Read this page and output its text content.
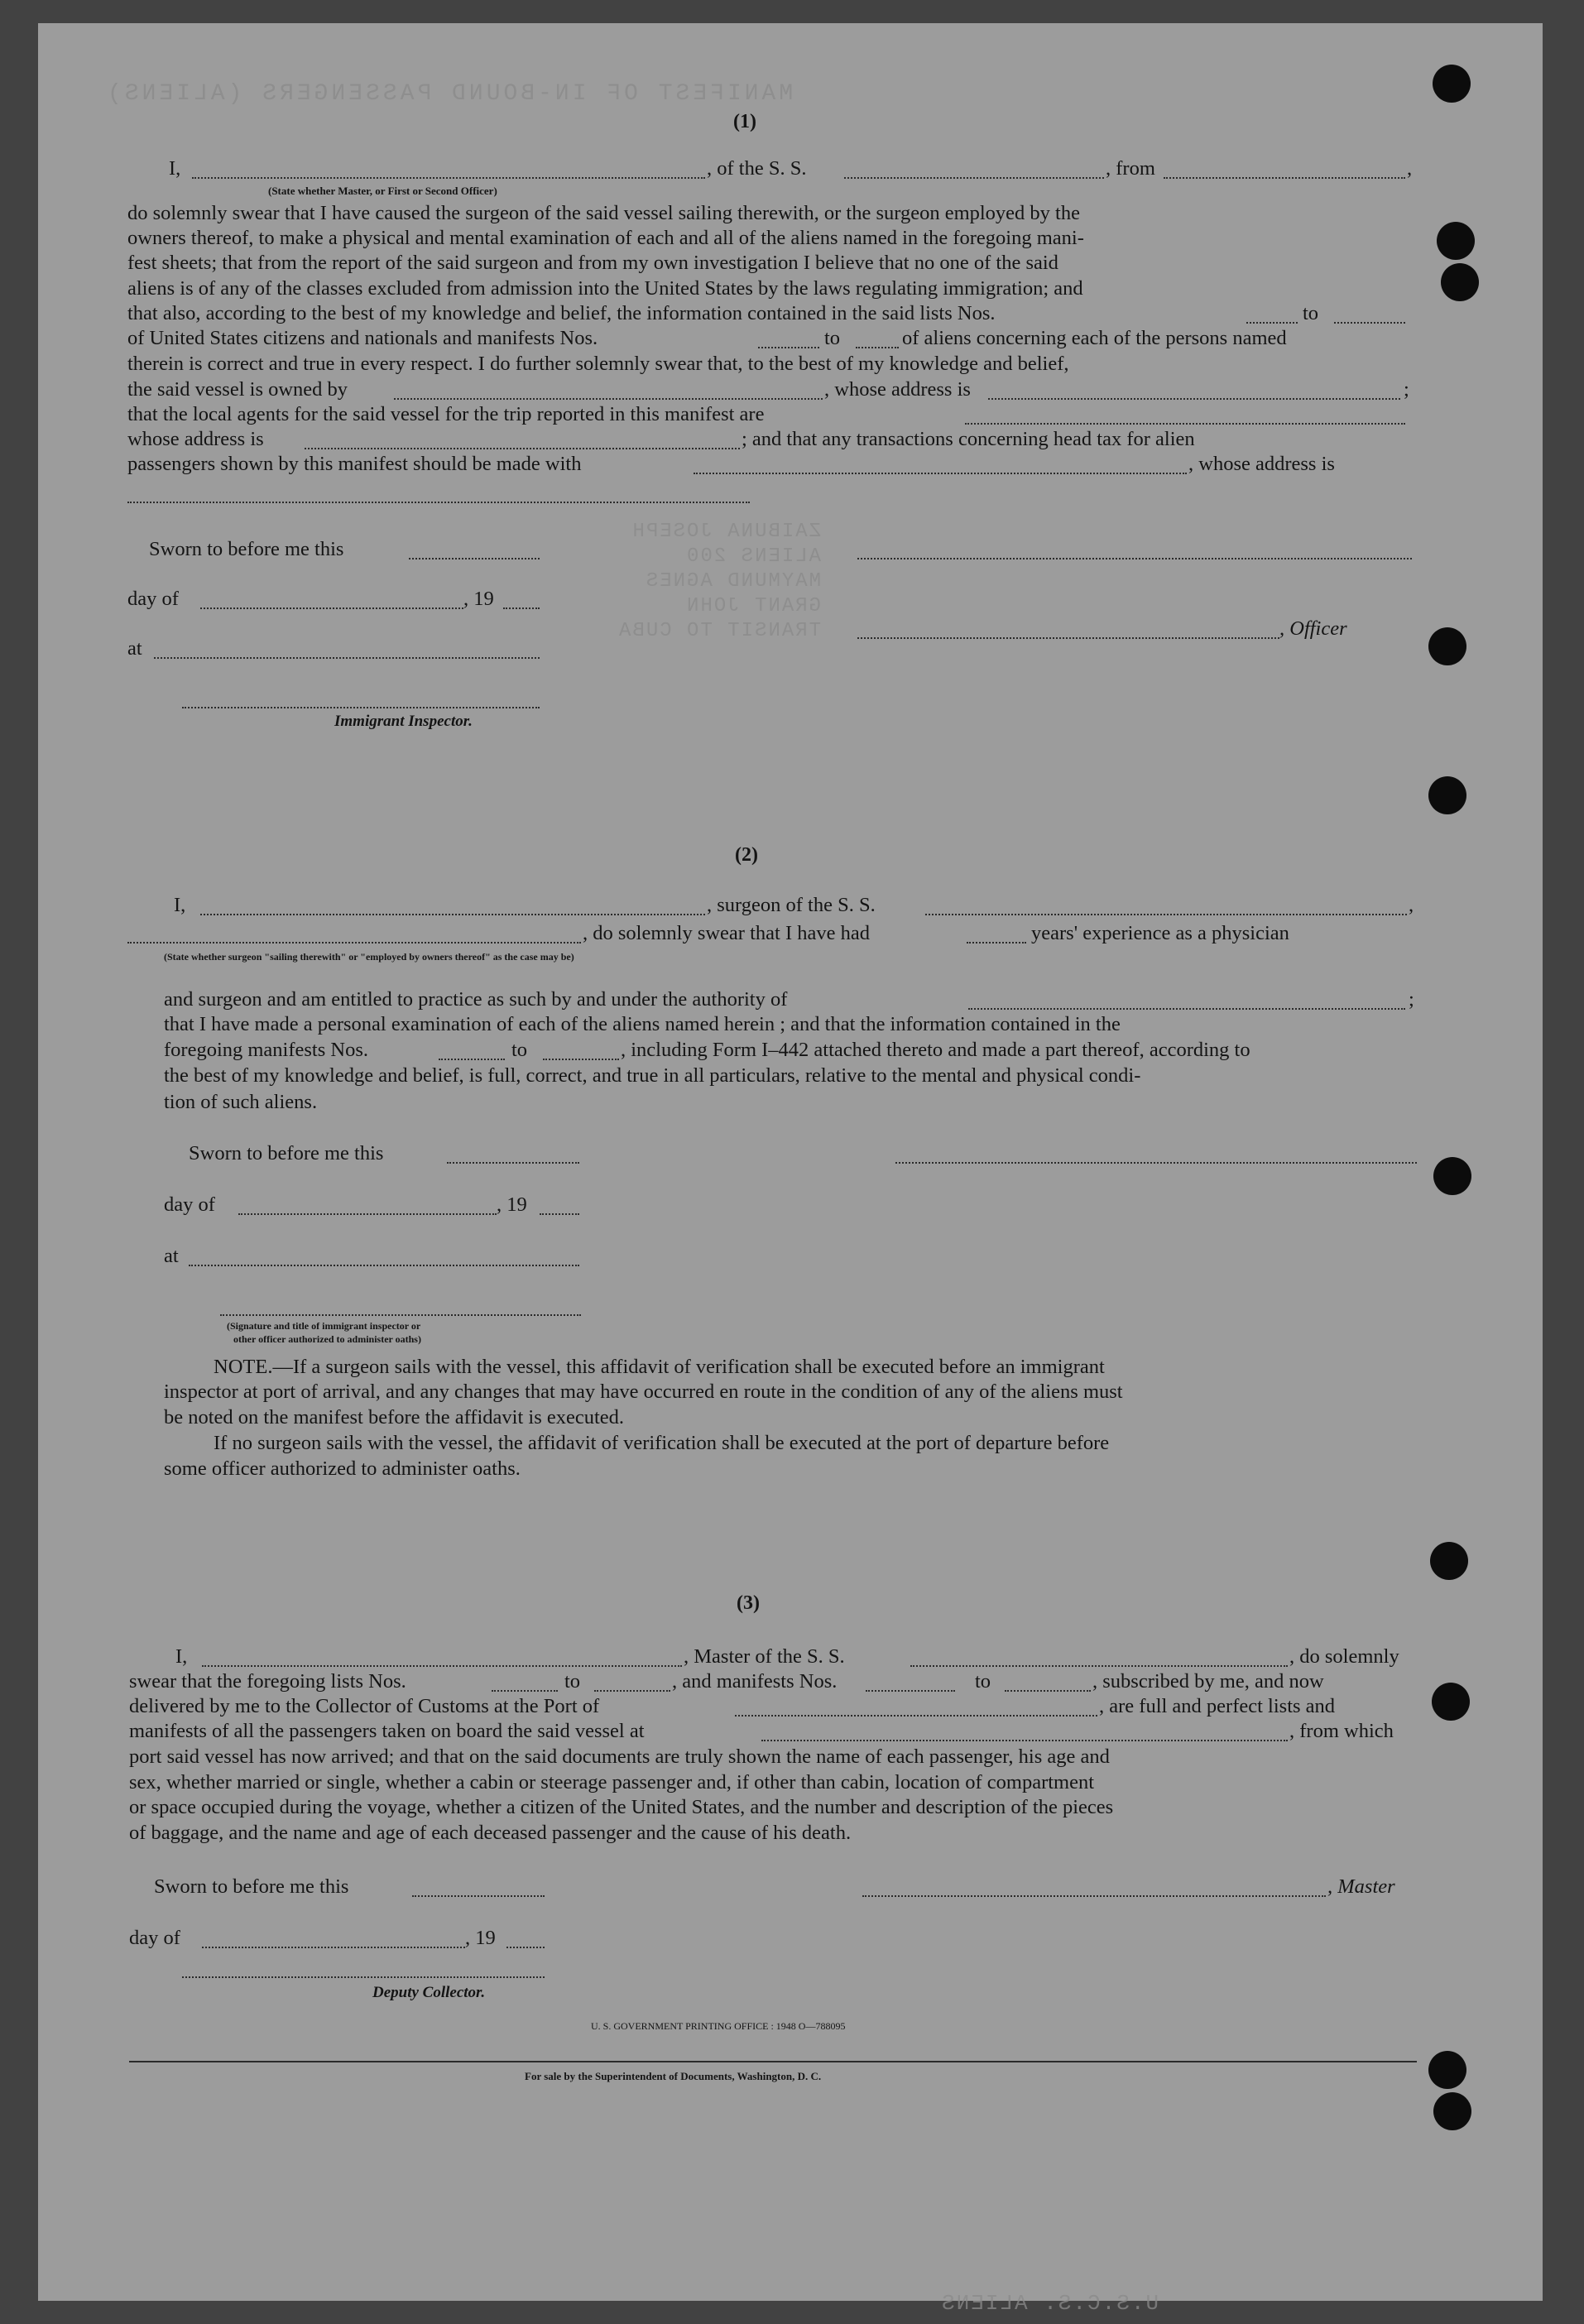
MANIFEST OF IN-BOUND PASSENGERS (ALIENS)
ZAIBUNA JOSEPH
ALIENS 200
MAYMUND AGNES
GRANT JOHN
TRANSIT TO CUBA
U.S.C.S. ALIENS
(1)
I,	, of the S. S.	, from	,
(State whether Master, or First or Second Officer)
do solemnly swear that I have caused the surgeon of the said vessel sailing therewith, or the surgeon employed by the
owners thereof, to make a physical and mental examination of each and all of the aliens named in the foregoing mani-
fest sheets; that from the report of the said surgeon and from my own investigation I believe that no one of the said
aliens is of any of the classes excluded from admission into the United States by the laws regulating immigration; and
that also, according to the best of my knowledge and belief, the information contained in the said lists Nos.	to
of United States citizens and nationals and manifests Nos.	to	of aliens concerning each of the persons named
therein is correct and true in every respect. I do further solemnly swear that, to the best of my knowledge and belief,
the said vessel is owned by	, whose address is	;
that the local agents for the said vessel for the trip reported in this manifest are
whose address is	; and that any transactions concerning head tax for alien
passengers shown by this manifest should be made with	, whose address is
Sworn to before me this
day of	, 19
, Officer
at
Immigrant Inspector.
(2)
I,	, surgeon of the S. S.	,
, do solemnly swear that I have had	years' experience as a physician
(State whether surgeon "sailing therewith" or "employed by owners thereof" as the case may be)
and surgeon and am entitled to practice as such by and under the authority of	;
that I have made a personal examination of each of the aliens named herein ; and that the information contained in the
foregoing manifests Nos.	to	, including Form I–442 attached thereto and made a part thereof, according to
the best of my knowledge and belief, is full, correct, and true in all particulars, relative to the mental and physical condi-
tion of such aliens.
Sworn to before me this
day of	, 19
at
(Signature and title of immigrant inspector or
other officer authorized to administer oaths)
NOTE.—If a surgeon sails with the vessel, this affidavit of verification shall be executed before an immigrant
inspector at port of arrival, and any changes that may have occurred en route in the condition of any of the aliens must
be noted on the manifest before the affidavit is executed.
If no surgeon sails with the vessel, the affidavit of verification shall be executed at the port of departure before
some officer authorized to administer oaths.
(3)
I,	, Master of the S. S.	, do solemnly
swear that the foregoing lists Nos.	to	, and manifests Nos.	to	, subscribed by me, and now
delivered by me to the Collector of Customs at the Port of	, are full and perfect lists and
manifests of all the passengers taken on board the said vessel at	, from which
port said vessel has now arrived; and that on the said documents are truly shown the name of each passenger, his age and
sex, whether married or single, whether a cabin or steerage passenger and, if other than cabin, location of compartment
or space occupied during the voyage, whether a citizen of the United States, and the number and description of the pieces
of baggage, and the name and age of each deceased passenger and the cause of his death.
Sworn to before me this	, Master
day of	, 19
Deputy Collector.
U. S. GOVERNMENT PRINTING OFFICE : 1948 O—788095
For sale by the Superintendent of Documents, Washington, D. C.
